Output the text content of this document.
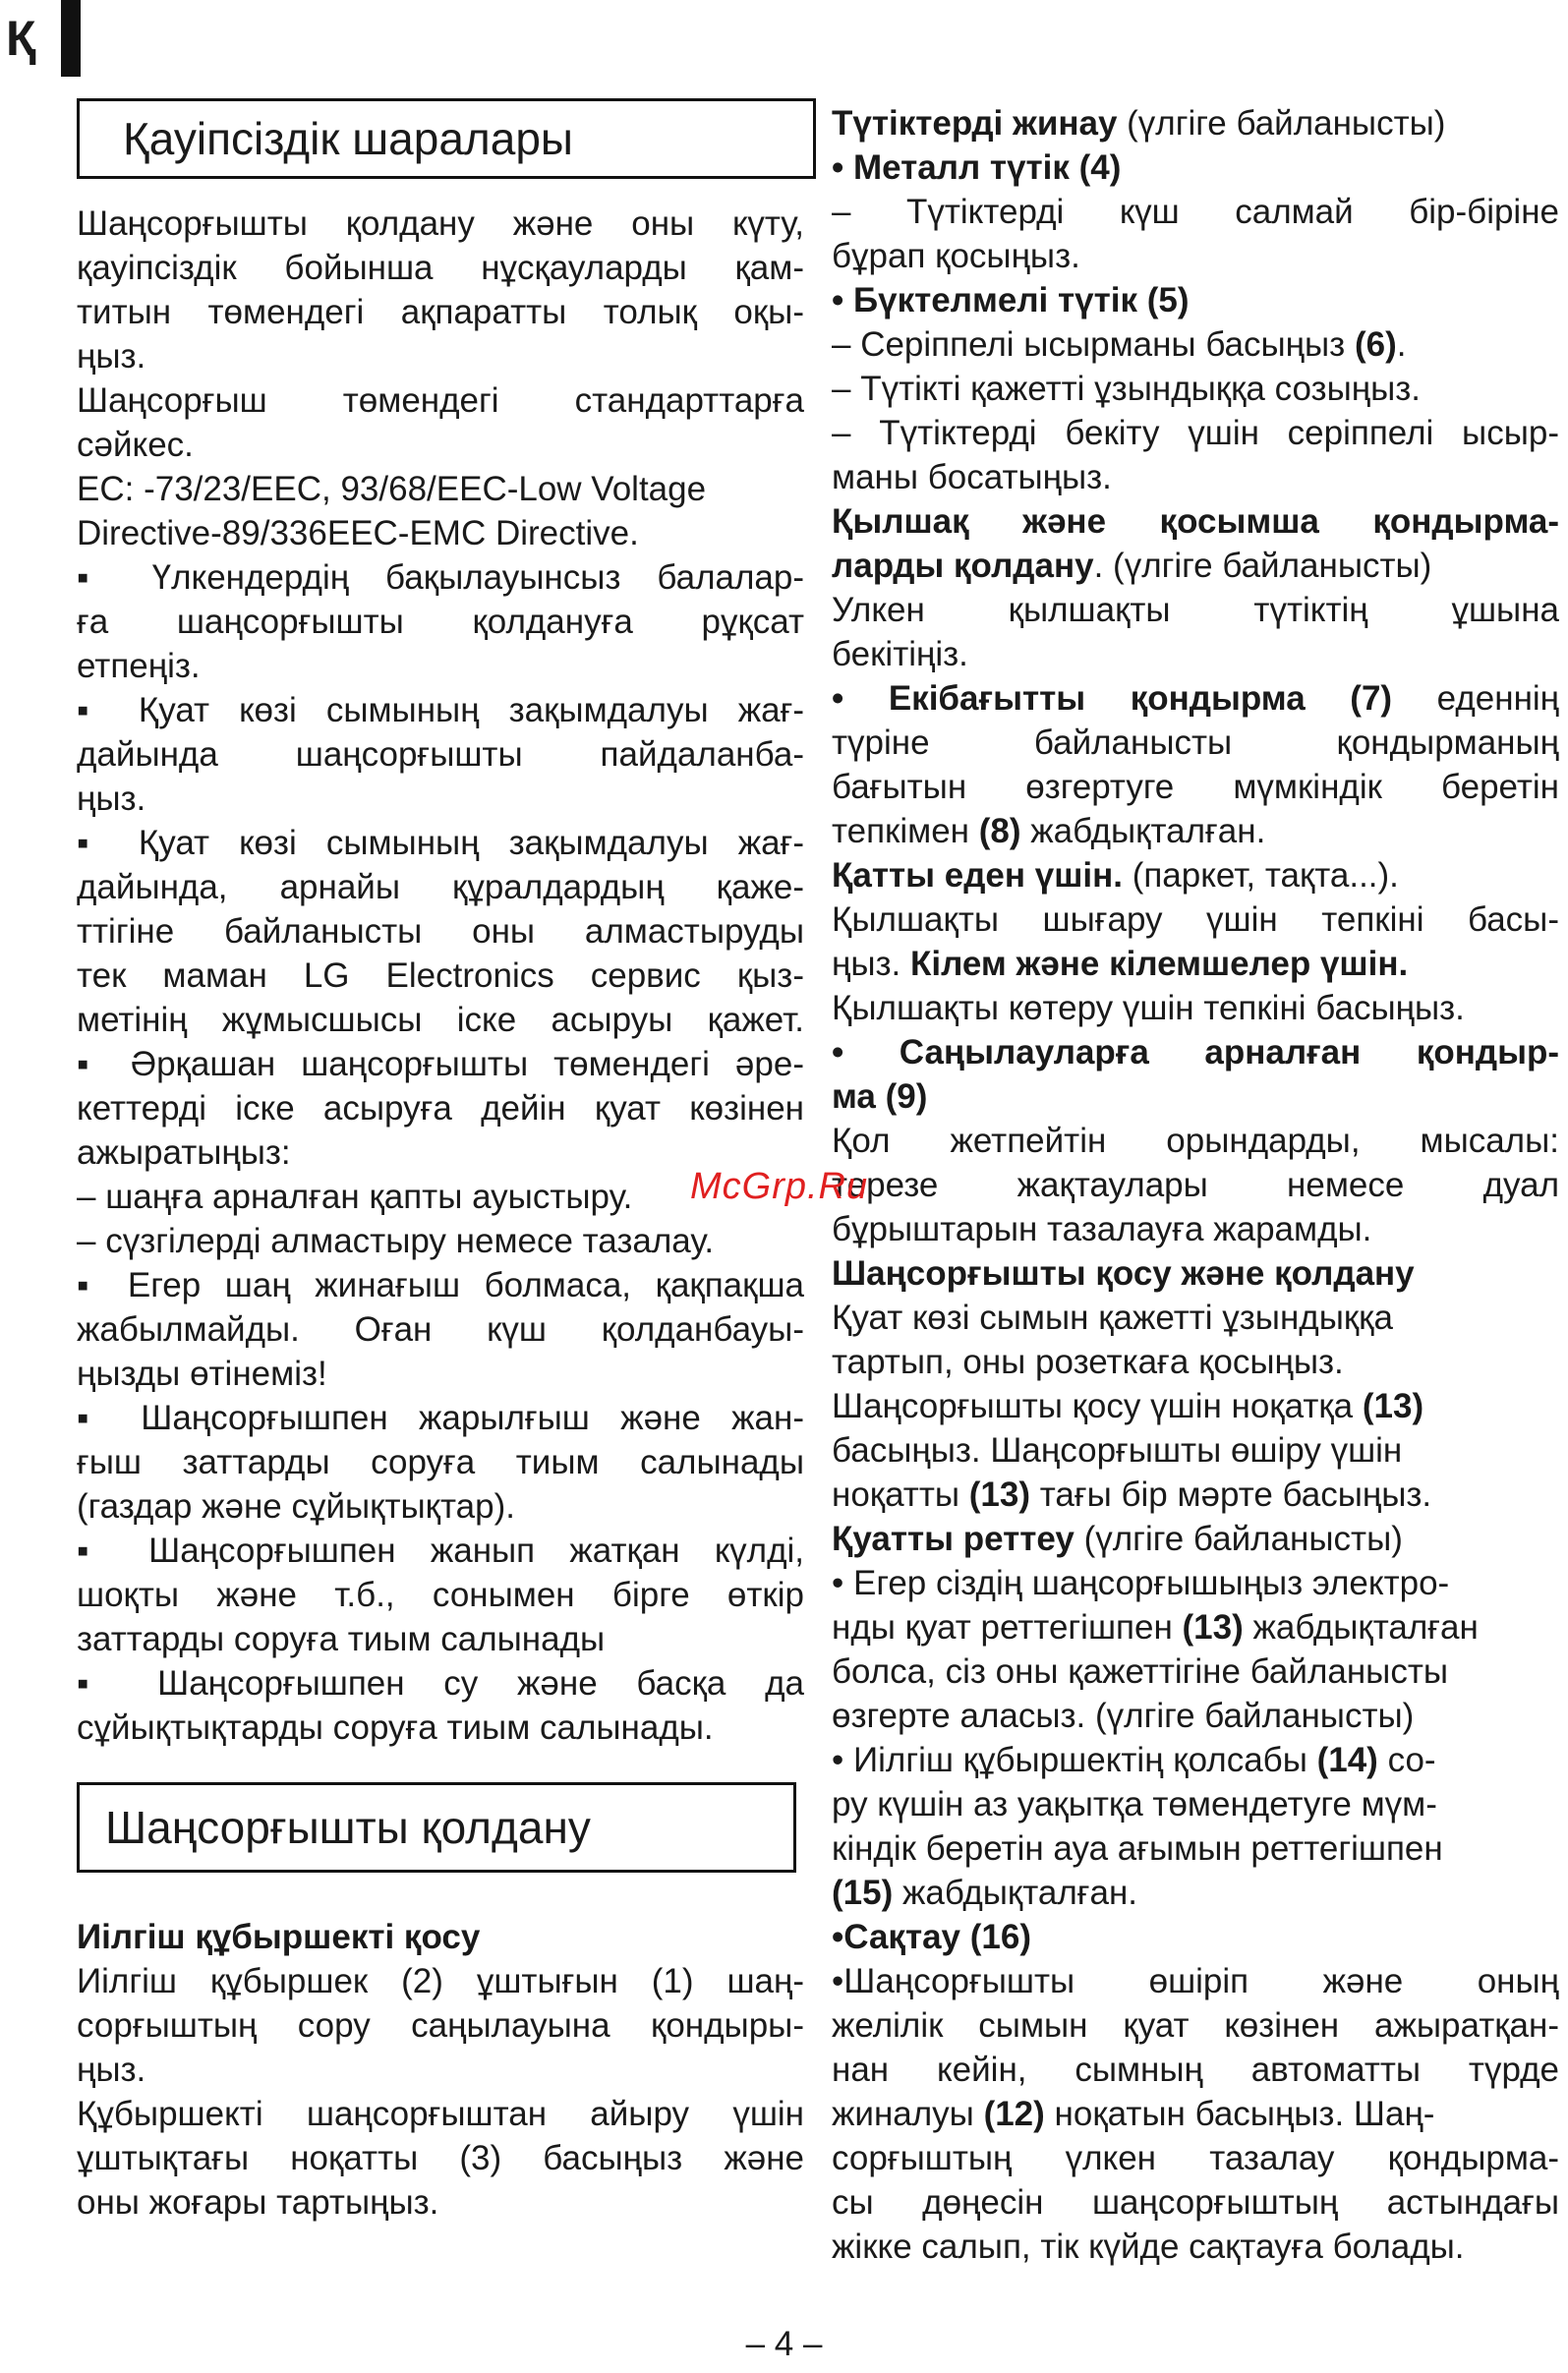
Қ
Қауіпсіздік шаралары

Шаңсорғышты қолдану және оны күту,

қауіпсіздік бойынша нұсқауларды қам-

титын төмендегі ақпаратты толық оқы-

ңыз.

Шаңсорғыш төмендегі стандарттарға

сәйкес.

EC: -73/23/EEC, 93/68/EEC-Low Voltage

Directive-89/336EEC-EMC Directive.

▪ Үлкендердің бақылауынсыз балалар-

ға шаңсорғышты қолдануға рұқсат

етпеңіз.

▪ Қуат көзі сымының зақымдалуы жағ-

дайында шаңсорғышты пайдаланба-

ңыз.

▪ Қуат көзі сымының зақымдалуы жағ-

дайында, арнайы құралдардың қаже-

ттігіне байланысты оны алмастыруды

тек маман LG Electronics сервис қыз-

метінің жұмысшысы іске асыруы қажет.

▪ Әрқашан шаңсорғышты төмендегі әре-

кеттерді іске асыруға дейін қуат көзінен

ажыратыңыз:

– шаңға арналған қапты ауыстыру.

– сүзгілерді алмастыру немесе тазалау.

▪ Егер шаң жинағыш болмаса, қақпақша

жабылмайды. Оған күш қолданбауы-

ңызды өтінеміз!

▪ Шаңсорғышпен жарылғыш және жан-

ғыш заттарды соруға тиым салынады

(газдар және сұйықтықтар).

▪ Шаңсорғышпен жанып жатқан күлді,

шоқты және т.б., сонымен бірге өткір

заттарды соруға тиым салынады

▪ Шаңсорғышпен су және басқа да

сұйықтықтарды соруға тиым салынады.

Шаңсорғышты қолдану

Иілгіш құбыршекті қосу

Иілгіш құбыршек (2) ұштығын (1) шаң-

сорғыштың сору саңылауына қондыры-

ңыз.

Құбыршекті шаңсорғыштан айыру үшін

ұштықтағы ноқатты (3) басыңыз және

оны жоғары тартыңыз.

Түтіктерді жинау (үлгіге байланысты)

• Металл түтік (4)

– Түтіктерді күш салмай бір-біріне

бұрап қосыңыз.

• Бүктелмелі түтік (5)

– Серіппелі ысырманы басыңыз (6).

– Түтікті қажетті ұзындыққа созыңыз.

– Түтіктерді бекіту үшін серіппелі ысыр-

маны босатыңыз.

Қылшақ және қосымша қондырма-

ларды қолдану. (үлгіге байланысты)

Улкен қылшақты түтіктің ұшына

бекітіңіз.

• Екібағытты қондырма (7) еденнің

түріне байланысты қондырманың

бағытын өзгертуге мүмкіндік беретін

тепкімен (8) жабдықталған.

Қатты еден үшін. (паркет, тақта...).

Қылшақты шығару үшін тепкіні басы-

ңыз. Кілем және кілемшелер үшін.

Қылшақты көтеру үшін тепкіні басыңыз.

• Саңылауларға арналған қондыр-

ма (9)

Қол жетпейтін орындарды, мысалы:

терезе жақтаулары немесе дуал

бұрыштарын тазалауға жарамды.

Шаңсорғышты қосу және қолдану

Қуат көзі сымын қажетті ұзындыққа

тартып, оны розеткаға қосыңыз.

Шаңсорғышты қосу үшін ноқатқа (13)

басыңыз. Шаңсорғышты өшіру үшін

ноқатты (13) тағы бір мәрте басыңыз.

Қуатты реттеу (үлгіге байланысты)

• Егер сіздің шаңсорғышыңыз электро-

нды қуат реттегішпен (13) жабдықталған

болса, сіз оны қажеттігіне байланысты

өзгерте аласыз. (үлгіге байланысты)

• Иілгіш құбыршектің қолсабы (14) со-

ру күшін аз уақытқа төмендетуге мүм-

кіндік беретін ауа ағымын реттегішпен

(15) жабдықталған.

•Сақтау (16)

•Шаңсорғышты өшіріп және оның

желілік сымын қуат көзінен ажыратқан-

нан кейін, сымның автоматты түрде

жиналуы (12) ноқатын басыңыз. Шаң-

сорғыштың үлкен тазалау қондырма-

сы дөңесін шаңсорғыштың астындағы

жікке салып, тік күйде сақтауға болады.

McGrp.Ru
– 4 –
